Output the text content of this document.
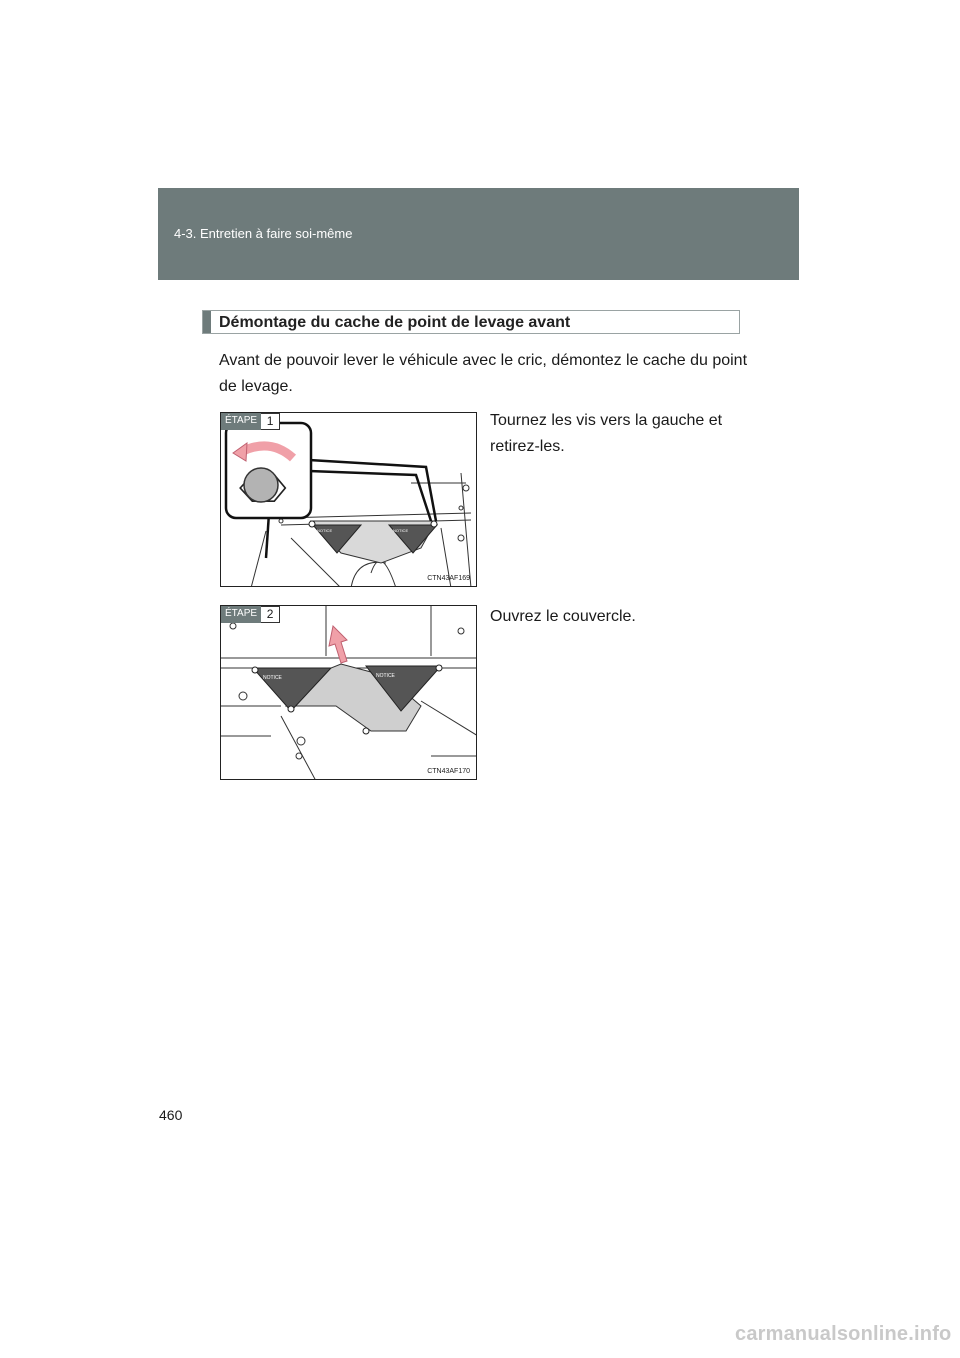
4-3. Entretien à faire soi-même
Démontage du cache de point de levage avant
Avant de pouvoir lever le véhicule avec le cric, démontez le cache du point de levage.
NOTICE	NOTICE
ÉTAPE 1
CTN43AF169
Tournez les vis vers la gauche et retirez-les.
NOTICE	NOTICE
ÉTAPE 2
CTN43AF170
Ouvrez le couvercle.
460
carmanualsonline.info
